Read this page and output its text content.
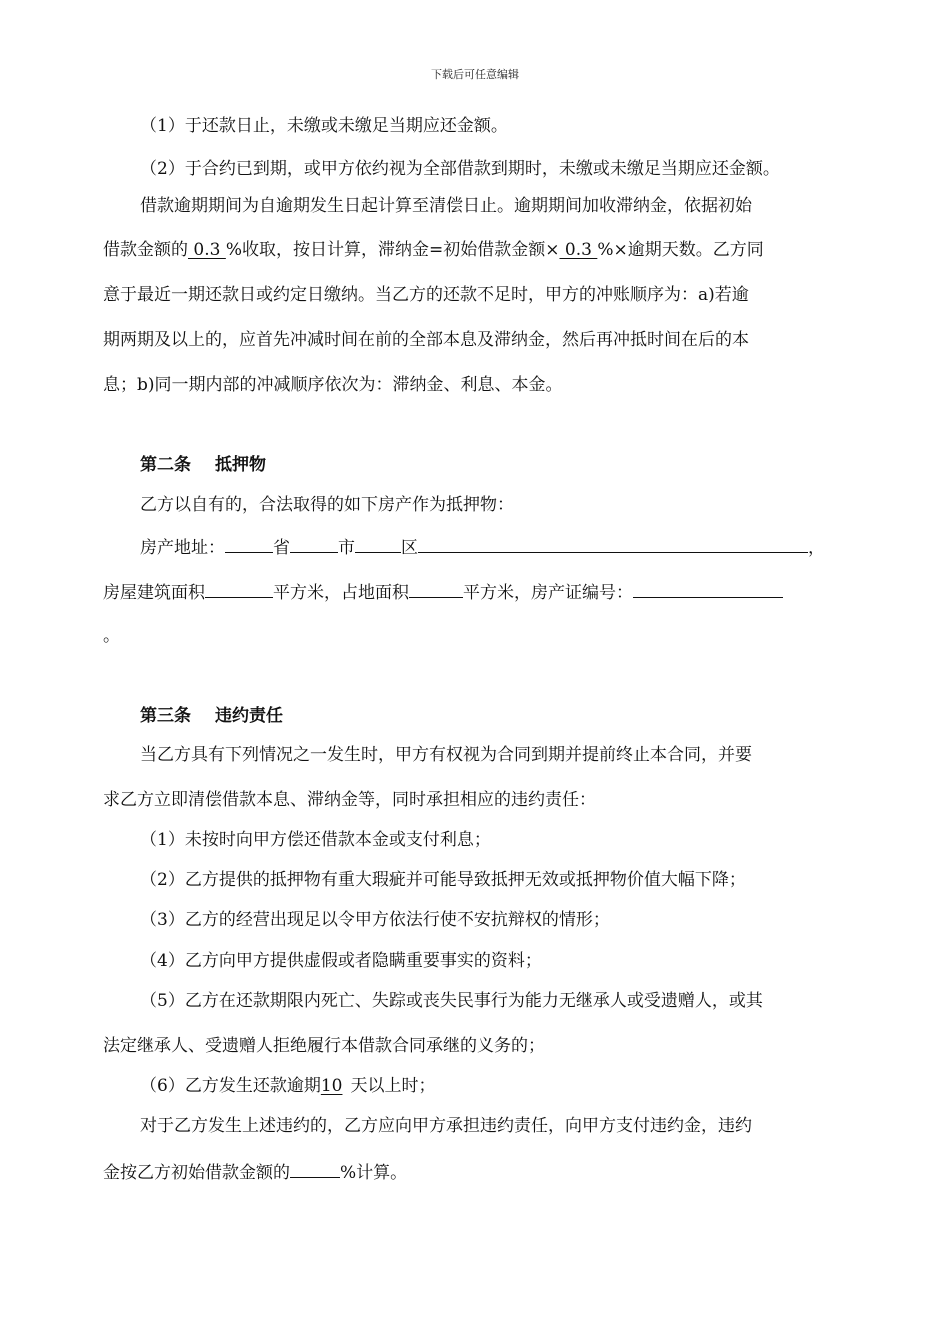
下载后可任意编辑
（1）于还款日止，未缴或未缴足当期应还金额。
（2）于合约已到期，或甲方依约视为全部借款到期时，未缴或未缴足当期应还金额。
借款逾期期间为自逾期发生日起计算至清偿日止。逾期期间加收滞纳金，依据初始
借款金额的 0.3 %收取，按日计算，滞纳金=初始借款金额× 0.3 %×逾期天数。乙方同
意于最近一期还款日或约定日缴纳。当乙方的还款不足时，甲方的冲账顺序为：a)若逾
期两期及以上的，应首先冲减时间在前的全部本息及滞纳金，然后再冲抵时间在后的本
息；b)同一期内部的冲减顺序依次为：滞纳金、利息、本金。
第二条 抵押物
乙方以自有的，合法取得的如下房产作为抵押物：
房产地址：	省	市	区	，
房屋建筑面积	平方米，占地面积	平方米，房产证编号：
。
第三条 违约责任
当乙方具有下列情况之一发生时，甲方有权视为合同到期并提前终止本合同，并要
求乙方立即清偿借款本息、滞纳金等，同时承担相应的违约责任：
（1）未按时向甲方偿还借款本金或支付利息；
（2）乙方提供的抵押物有重大瑕疵并可能导致抵押无效或抵押物价值大幅下降；
（3）乙方的经营出现足以令甲方依法行使不安抗辩权的情形；
（4）乙方向甲方提供虚假或者隐瞒重要事实的资料；
（5）乙方在还款期限内死亡、失踪或丧失民事行为能力无继承人或受遗赠人，或其
法定继承人、受遗赠人拒绝履行本借款合同承继的义务的；
（6）乙方发生还款逾期10 天以上时；
对于乙方发生上述违约的，乙方应向甲方承担违约责任，向甲方支付违约金，违约
金按乙方初始借款金额的	%计算。
